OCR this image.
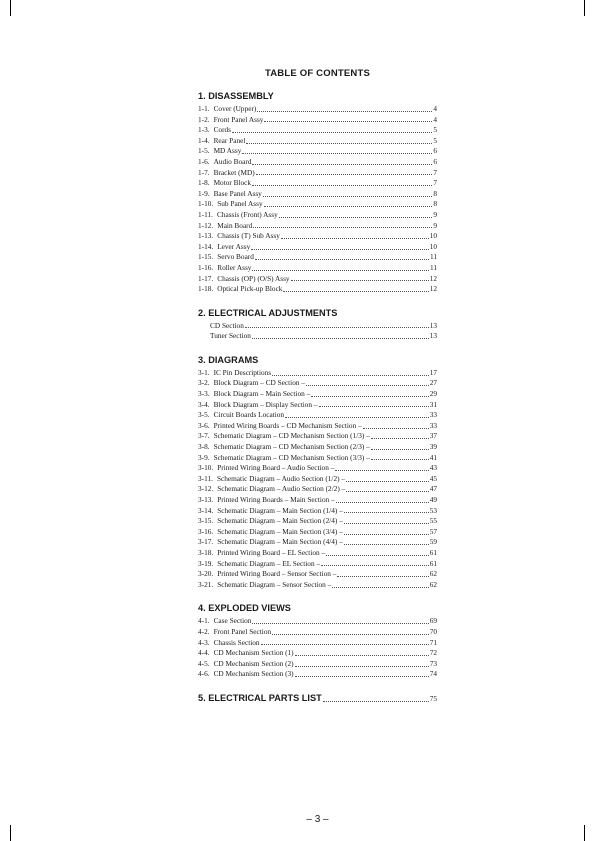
TABLE OF CONTENTS
1. DISASSEMBLY
1-1. Cover (Upper)	4
1-2. Front Panel Assy	4
1-3. Cords	5
1-4. Rear Panel	5
1-5. MD Assy	6
1-6. Audio Board	6
1-7. Bracket (MD)	7
1-8. Motor Block	7
1-9. Base Panel Assy	8
1-10. Sub Panel Assy	8
1-11. Chassis (Front) Assy	9
1-12. Main Board	9
1-13. Chassis (T) Sub Assy	10
1-14. Lever Assy	10
1-15. Servo Board	11
1-16. Roller Assy	11
1-17. Chassis (OP) (O/S) Assy	12
1-18. Optical Pick-up Block	12
2. ELECTRICAL ADJUSTMENTS
CD Section	13
Tuner Section	13
3. DIAGRAMS
3-1. IC Pin Descriptions	17
3-2. Block Diagram – CD Section –	27
3-3. Block Diagram – Main Section –	29
3-4. Block Diagram – Display Section –	31
3-5. Circuit Boards Location	33
3-6. Printed Wiring Boards – CD Mechanism Section –	33
3-7. Schematic Diagram – CD Mechanism Section (1/3) –	37
3-8. Schematic Diagram – CD Mechanism Section (2/3) –	39
3-9. Schematic Diagram – CD Mechanism Section (3/3) –	41
3-10. Printed Wiring Board – Audio Section –	43
3-11. Schematic Diagram – Audio Section (1/2) –	45
3-12. Schematic Diagram – Audio Section (2/2) –	47
3-13. Printed Wiring Boards – Main Section –	49
3-14. Schematic Diagram – Main Section (1/4) –	53
3-15. Schematic Diagram – Main Section (2/4) –	55
3-16. Schematic Diagram – Main Section (3/4) –	57
3-17. Schematic Diagram – Main Section (4/4) –	59
3-18. Printed Wiring Board – EL Section –	61
3-19. Schematic Diagram – EL Section –	61
3-20. Printed Wiring Board – Sensor Section –	62
3-21. Schematic Diagram – Sensor Section –	62
4. EXPLODED VIEWS
4-1. Case Section	69
4-2. Front Panel Section	70
4-3. Chassis Section	71
4-4. CD Mechanism Section (1)	72
4-5. CD Mechanism Section (2)	73
4-6. CD Mechanism Section (3)	74
5. ELECTRICAL PARTS LIST	75
– 3 –
